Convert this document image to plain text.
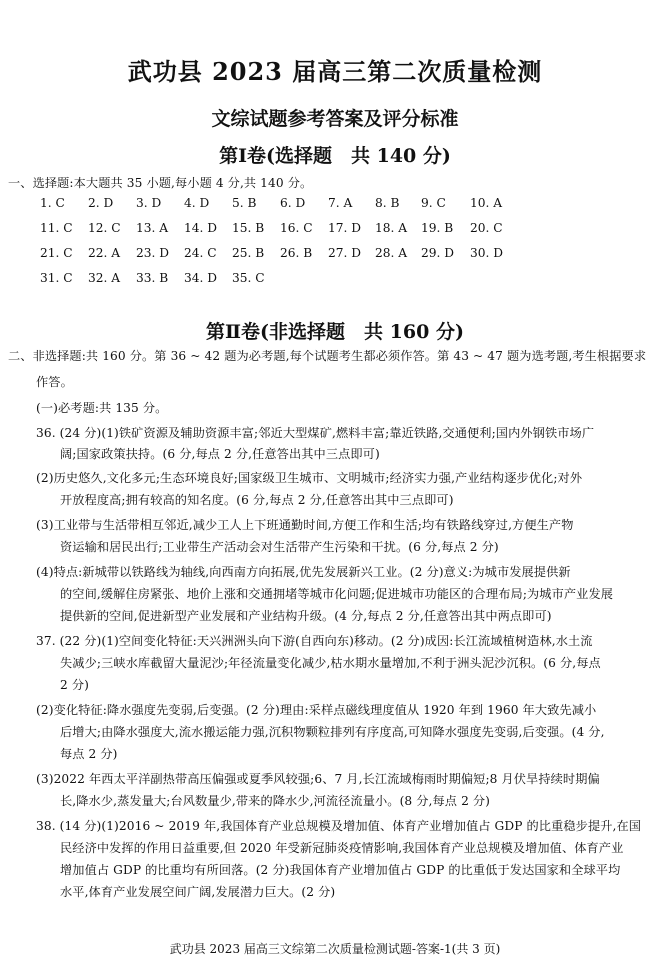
武功县 2023 届高三第二次质量检测
文综试题参考答案及评分标准
第Ⅰ卷(选择题　共 140 分)
一、选择题:本大题共 35 小题,每小题 4 分,共 140 分。
1. C 2. D 3. D 4. D 5. B 6. D 7. A 8. B 9. C 10. A
11. C 12. C 13. A 14. D 15. B 16. C 17. D 18. A 19. B 20. C
21. C 22. A 23. D 24. C 25. B 26. B 27. D 28. A 29. D 30. D
31. C 32. A 33. B 34. D 35. C
第Ⅱ卷(非选择题　共 160 分)
二、非选择题:共 160 分。第 36 ~ 42 题为必考题,每个试题考生都必须作答。第 43 ~ 47 题为选考题,考生根据要求
作答。
(一)必考题:共 135 分。
36. (24 分)(1)铁矿资源及辅助资源丰富;邻近大型煤矿,燃料丰富;靠近铁路,交通便利;国内外钢铁市场广
阔;国家政策扶持。(6 分,每点 2 分,任意答出其中三点即可)
(2)历史悠久,文化多元;生态环境良好;国家级卫生城市、文明城市;经济实力强,产业结构逐步优化;对外
开放程度高;拥有较高的知名度。(6 分,每点 2 分,任意答出其中三点即可)
(3)工业带与生活带相互邻近,减少工人上下班通勤时间,方便工作和生活;均有铁路线穿过,方便生产物
资运输和居民出行;工业带生产活动会对生活带产生污染和干扰。(6 分,每点 2 分)
(4)特点:新城带以铁路线为轴线,向西南方向拓展,优先发展新兴工业。(2 分)意义:为城市发展提供新
的空间,缓解住房紧张、地价上涨和交通拥堵等城市化问题;促进城市功能区的合理布局;为城市产业发展
提供新的空间,促进新型产业发展和产业结构升级。(4 分,每点 2 分,任意答出其中两点即可)
37. (22 分)(1)空间变化特征:天兴洲洲头向下游(自西向东)移动。(2 分)成因:长江流域植树造林,水土流
失减少;三峡水库截留大量泥沙;年径流量变化减少,枯水期水量增加,不利于洲头泥沙沉积。(6 分,每点
2 分)
(2)变化特征:降水强度先变弱,后变强。(2 分)理由:采样点磁线理度值从 1920 年到 1960 年大致先减小
后增大;由降水强度大,流水搬运能力强,沉积物颗粒排列有序度高,可知降水强度先变弱,后变强。(4 分,
每点 2 分)
(3)2022 年西太平洋副热带高压偏强或夏季风较强;6、7 月,长江流域梅雨时期偏短;8 月伏旱持续时期偏
长,降水少,蒸发量大;台风数量少,带来的降水少,河流径流量小。(8 分,每点 2 分)
38. (14 分)(1)2016 ~ 2019 年,我国体育产业总规模及增加值、体育产业增加值占 GDP 的比重稳步提升,在国
民经济中发挥的作用日益重要,但 2020 年受新冠肺炎疫情影响,我国体育产业总规模及增加值、体育产业
增加值占 GDP 的比重均有所回落。(2 分)我国体育产业增加值占 GDP 的比重低于发达国家和全球平均
水平,体育产业发展空间广阔,发展潜力巨大。(2 分)
武功县 2023 届高三文综第二次质量检测试题-答案-1(共 3 页)
